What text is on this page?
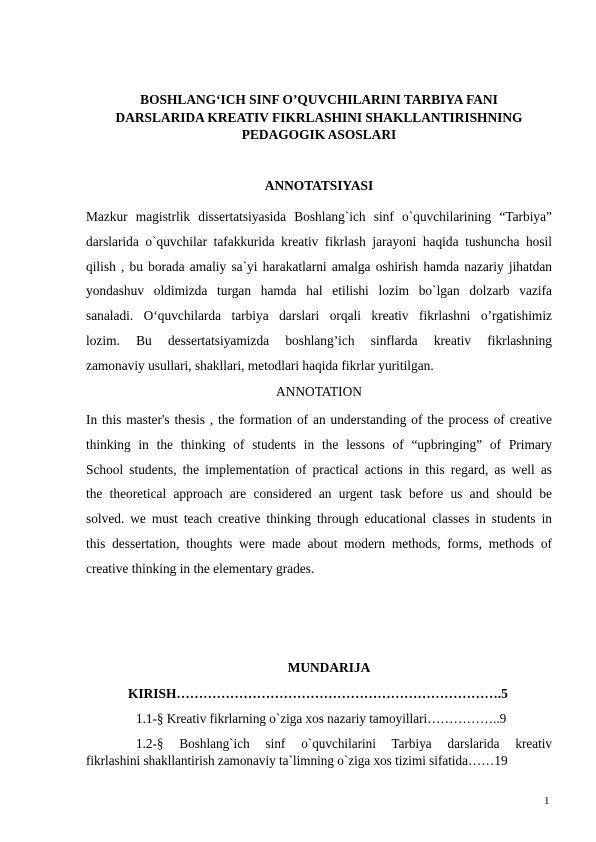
BOSHLANG‘ICH SINF O’QUVCHILARINI TARBIYA FANI
DARSLARIDA KREATIV FIKRLASHINI SHAKLLANTIRISHNING
PEDAGOGIK ASOSLARI
ANNOTATSIYASI
Mazkur magistrlik dissertatsiyasida Boshlang`ich sinf o`quvchilarining “Tarbiya”
darslarida o`quvchilar tafakkurida kreativ fikrlash jarayoni haqida tushuncha hosil
qilish , bu borada amaliy sa`yi harakatlarni amalga oshirish hamda nazariy jihatdan
yondashuv oldimizda turgan hamda hal etilishi lozim bo`lgan dolzarb vazifa
sanaladi. O‘quvchilarda tarbiya darslari orqali kreativ fikrlashni o’rgatishimiz
lozim. Bu dessertatsiyamizda boshlang’ich sinflarda kreativ fikrlashning
zamonaviy usullari, shakllari, metodlari haqida fikrlar yuritilgan.
ANNOTATION
In this master's thesis , the formation of an understanding of the process of creative
thinking in the thinking of students in the lessons of “upbringing” of Primary
School students, the implementation of practical actions in this regard, as well as
the theoretical approach are considered an urgent task before us and should be
solved. we must teach creative thinking through educational classes in students in
this dessertation, thoughts were made about modern methods, forms, methods of
creative thinking in the elementary grades.
MUNDARIJA
KIRISH……………………………………………………………….5
1.1-§ Kreativ fikrlarning o`ziga xos nazariy tamoyillari……………..9
1.2-§ Boshlang`ich sinf o`quvchilarini Tarbiya darslarida kreativ
fikrlashini shakllantirish zamonaviy ta`limning o`ziga xos tizimi sifatida……19
1
